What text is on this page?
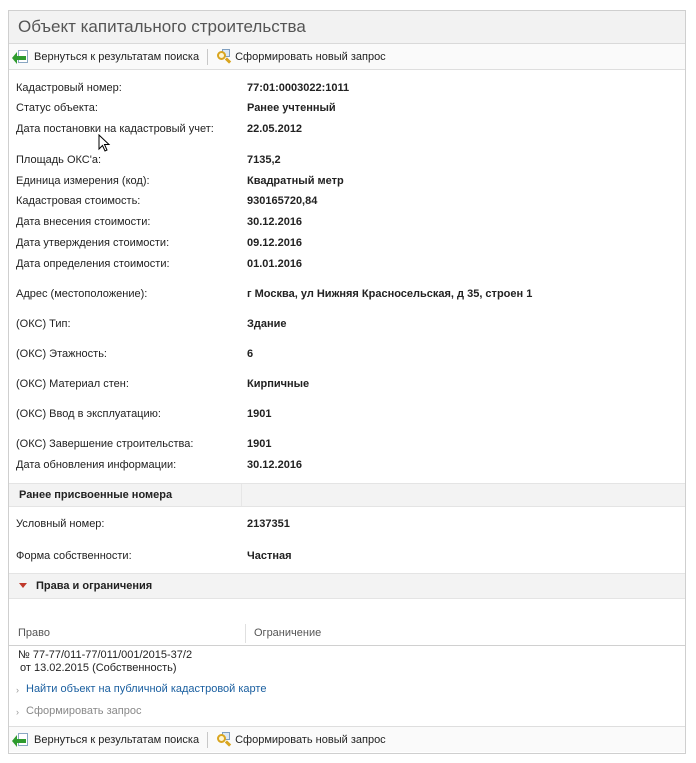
Объект капитального строительства
Вернуться к результатам поиска	Сформировать новый запрос
Кадастровый номер:	77:01:0003022:1011
Статус объекта:	Ранее учтенный
Дата постановки на кадастровый учет:	22.05.2012
Площадь ОКС'а:	7135,2
Единица измерения (код):	Квадратный метр
Кадастровая стоимость:	930165720,84
Дата внесения стоимости:	30.12.2016
Дата утверждения стоимости:	09.12.2016
Дата определения стоимости:	01.01.2016
Адрес (местоположение):	г Москва, ул Нижняя Красносельская, д 35, строен 1
(ОКС) Тип:	Здание
(ОКС) Этажность:	6
(ОКС) Материал стен:	Кирпичные
(ОКС) Ввод в эксплуатацию:	1901
(ОКС) Завершение строительства:	1901
Дата обновления информации:	30.12.2016
Ранее присвоенные номера
Условный номер:	2137351
Форма собственности:	Частная
Права и ограничения
Право	Ограничение
№ 77-77/011-77/011/001/2015-37/2
от 13.02.2015 (Собственность)
› Найти объект на публичной кадастровой карте
› Сформировать запрос
Вернуться к результатам поиска	Сформировать новый запрос
